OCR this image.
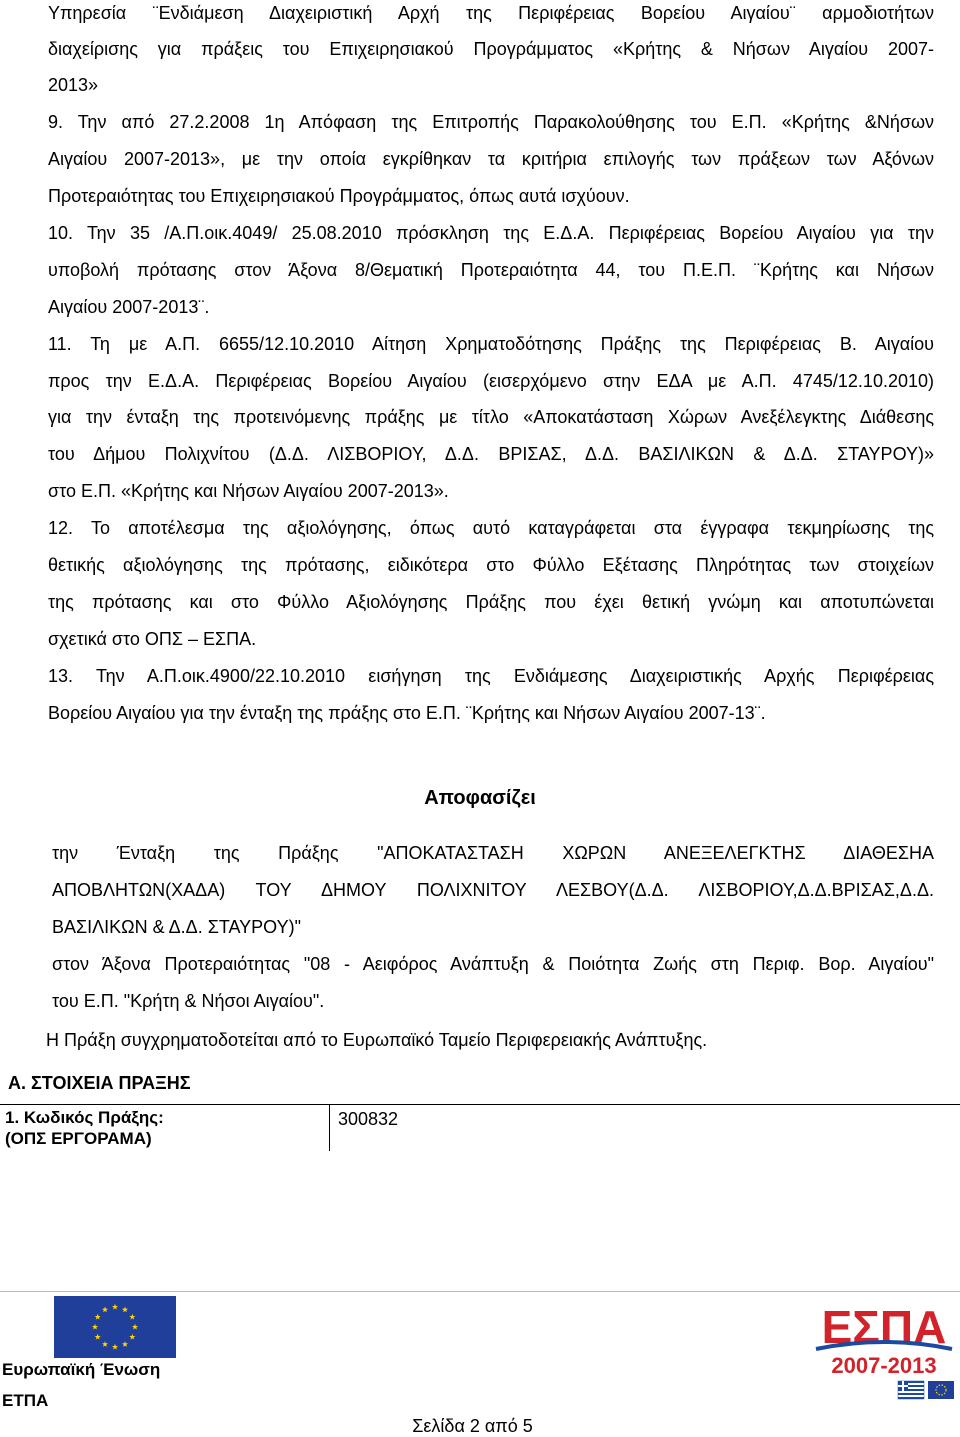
Υπηρεσία ¨Ενδιάμεση Διαχειριστική Αρχή της Περιφέρειας Βορείου Αιγαίου¨ αρμοδιοτήτων
διαχείρισης για πράξεις του Επιχειρησιακού Προγράμματος «Κρήτης & Νήσων Αιγαίου 2007-
2013»
9. Την από 27.2.2008 1η Απόφαση της Επιτροπής Παρακολούθησης του Ε.Π. «Κρήτης &Νήσων
Αιγαίου 2007-2013», με την οποία εγκρίθηκαν τα κριτήρια επιλογής των πράξεων των Αξόνων
Προτεραιότητας του Επιχειρησιακού Προγράμματος, όπως αυτά ισχύουν.
10. Την 35 /Α.Π.οικ.4049/ 25.08.2010 πρόσκληση της Ε.Δ.Α. Περιφέρειας Βορείου Αιγαίου για την
υποβολή πρότασης στον Άξονα 8/Θεματική Προτεραιότητα 44, του Π.Ε.Π. ¨Κρήτης και Νήσων
Αιγαίου 2007-2013¨.
11. Τη με Α.Π. 6655/12.10.2010 Αίτηση Χρηματοδότησης Πράξης της Περιφέρειας Β. Αιγαίου
προς την Ε.Δ.Α. Περιφέρειας Βορείου Αιγαίου (εισερχόμενο στην ΕΔΑ με Α.Π. 4745/12.10.2010)
για την ένταξη της προτεινόμενης πράξης με τίτλο «Αποκατάσταση Χώρων Ανεξέλεγκτης Διάθεσης
του Δήμου Πολιχνίτου (Δ.Δ. ΛΙΣΒΟΡΙΟΥ, Δ.Δ. ΒΡΙΣΑΣ, Δ.Δ. ΒΑΣΙΛΙΚΩΝ & Δ.Δ. ΣΤΑΥΡΟΥ)»
στο Ε.Π. «Κρήτης και Νήσων Αιγαίου 2007-2013».
12. Το αποτέλεσμα της αξιολόγησης, όπως αυτό καταγράφεται στα έγγραφα τεκμηρίωσης της
θετικής αξιολόγησης της πρότασης, ειδικότερα στο Φύλλο Εξέτασης Πληρότητας των στοιχείων
της πρότασης και στο Φύλλο Αξιολόγησης Πράξης που έχει θετική γνώμη και αποτυπώνεται
σχετικά στο ΟΠΣ – ΕΣΠΑ.
13. Την Α.Π.οικ.4900/22.10.2010 εισήγηση της Ενδιάμεσης Διαχειριστικής Αρχής Περιφέρειας
Βορείου Αιγαίου για την ένταξη της πράξης στο Ε.Π. ¨Κρήτης και Νήσων Αιγαίου 2007-13¨.
Αποφασίζει
την Ένταξη της Πράξης "ΑΠΟΚΑΤΑΣΤΑΣΗ ΧΩΡΩΝ ΑΝΕΞΕΛΕΓΚΤΗΣ ΔΙΑΘΕΣΗΑ
ΑΠΟΒΛΗΤΩΝ(ΧΑΔΑ) ΤΟΥ ΔΗΜΟΥ ΠΟΛΙΧΝΙΤΟΥ ΛΕΣΒΟΥ(Δ.Δ. ΛΙΣΒΟΡΙΟΥ,Δ.Δ.ΒΡΙΣΑΣ,Δ.Δ.
ΒΑΣΙΛΙΚΩΝ & Δ.Δ. ΣΤΑΥΡΟΥ)"
στον Άξονα Προτεραιότητας "08 - Αειφόρος Ανάπτυξη & Ποιότητα Ζωής στη Περιφ. Βορ. Αιγαίου"
του Ε.Π. "Κρήτη & Νήσοι Αιγαίου".
Η Πράξη συγχρηματοδοτείται από το Ευρωπαϊκό Ταμείο Περιφερειακής Ανάπτυξης.
Α. ΣΤΟΙΧΕΙΑ ΠΡΑΞΗΣ
1. Κωδικός Πράξης:
(ΟΠΣ ΕΡΓΟΡΑΜΑ)
300832
ΕΣΠΑ
2007-2013
Ευρωπαϊκή Ένωση
ΕΤΠΑ
Σελίδα 2 από 5
